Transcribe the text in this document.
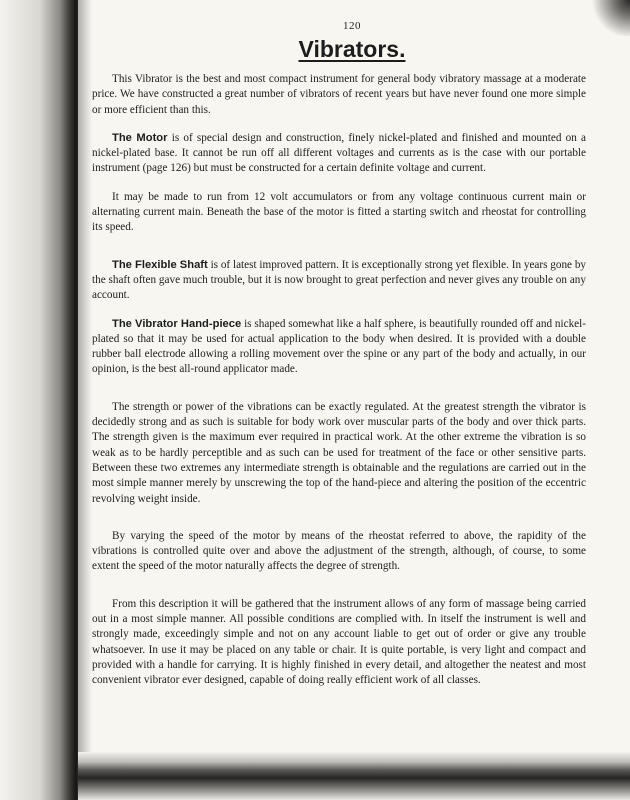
120
Vibrators.

This Vibrator is the best and most compact instrument for general body vibratory massage at a moderate price. We have constructed a great number of vibrators of recent years but have never found one more simple or more efficient than this.

The Motor is of special design and construction, finely nickel-plated and finished and mounted on a nickel-plated base. It cannot be run off all different voltages and currents as is the case with our portable instrument (page 126) but must be constructed for a certain definite voltage and current.

It may be made to run from 12 volt accumulators or from any voltage continuous current main or alternating current main. Beneath the base of the motor is fitted a starting switch and rheostat for controlling its speed.

The Flexible Shaft is of latest improved pattern. It is exceptionally strong yet flexible. In years gone by the shaft often gave much trouble, but it is now brought to great perfection and never gives any trouble on any account.

The Vibrator Hand-piece is shaped somewhat like a half sphere, is beautifully rounded off and nickel-plated so that it may be used for actual application to the body when desired. It is provided with a double rubber ball electrode allowing a rolling movement over the spine or any part of the body and actually, in our opinion, is the best all-round applicator made.

The strength or power of the vibrations can be exactly regulated. At the greatest strength the vibrator is decidedly strong and as such is suitable for body work over muscular parts of the body and over thick parts. The strength given is the maximum ever required in practical work. At the other extreme the vibration is so weak as to be hardly perceptible and as such can be used for treatment of the face or other sensitive parts. Between these two extremes any intermediate strength is obtainable and the regulations are carried out in the most simple manner merely by unscrewing the top of the hand-piece and altering the position of the eccentric revolving weight inside.

By varying the speed of the motor by means of the rheostat referred to above, the rapidity of the vibrations is controlled quite over and above the adjustment of the strength, although, of course, to some extent the speed of the motor naturally affects the degree of strength.

From this description it will be gathered that the instrument allows of any form of massage being carried out in a most simple manner. All possible conditions are complied with. In itself the instrument is well and strongly made, exceedingly simple and not on any account liable to get out of order or give any trouble whatsoever. In use it may be placed on any table or chair. It is quite portable, is very light and compact and provided with a handle for carrying. It is highly finished in every detail, and altogether the neatest and most convenient vibrator ever designed, capable of doing really efficient work of all classes.
